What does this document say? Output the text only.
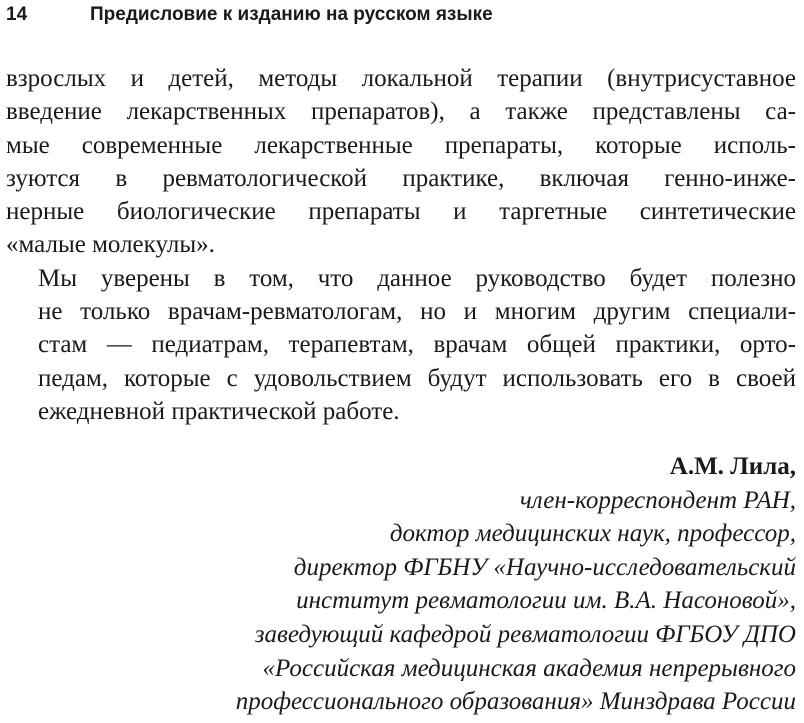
14	Предисловие к изданию на русском языке

взрослых и детей, методы локальной терапии (внутрисуставное
введение лекарственных препаратов), а также представлены са-
мые современные лекарственные препараты, которые исполь-
зуются в ревматологической практике, включая генно-инже-
нерные биологические препараты и таргетные синтетические
«малые молекулы».

Мы уверены в том, что данное руководство будет полезно
не только врачам-ревматологам, но и многим другим специали-
стам — педиатрам, терапевтам, врачам общей практики, орто-
педам, которые с удовольствием будут использовать его в своей
ежедневной практической работе.

А.М. Лила,
член-корреспондент РАН,
доктор медицинских наук, профессор,
директор ФГБНУ «Научно-исследовательский
институт ревматологии им. В.А. Насоновой»,
заведующий кафедрой ревматологии ФГБОУ ДПО
«Российская медицинская академия непрерывного
профессионального образования» Минздрава России
